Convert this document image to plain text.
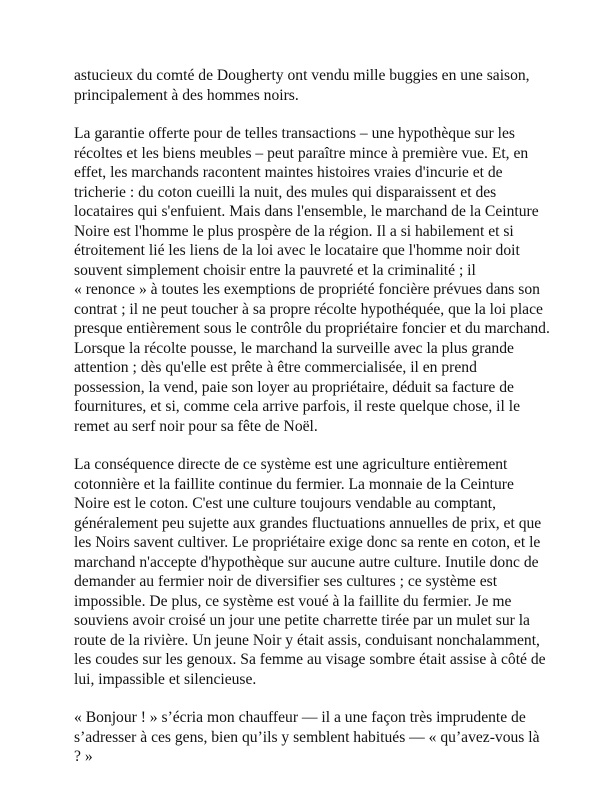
astucieux du comté de Dougherty ont vendu mille buggies en une saison,
principalement à des hommes noirs.

La garantie offerte pour de telles transactions – une hypothèque sur les
récoltes et les biens meubles – peut paraître mince à première vue. Et, en
effet, les marchands racontent maintes histoires vraies d'incurie et de
tricherie : du coton cueilli la nuit, des mules qui disparaissent et des
locataires qui s'enfuient. Mais dans l'ensemble, le marchand de la Ceinture
Noire est l'homme le plus prospère de la région. Il a si habilement et si
étroitement lié les liens de la loi avec le locataire que l'homme noir doit
souvent simplement choisir entre la pauvreté et la criminalité ; il
« renonce » à toutes les exemptions de propriété foncière prévues dans son
contrat ; il ne peut toucher à sa propre récolte hypothéquée, que la loi place
presque entièrement sous le contrôle du propriétaire foncier et du marchand.
Lorsque la récolte pousse, le marchand la surveille avec la plus grande
attention ; dès qu'elle est prête à être commercialisée, il en prend
possession, la vend, paie son loyer au propriétaire, déduit sa facture de
fournitures, et si, comme cela arrive parfois, il reste quelque chose, il le
remet au serf noir pour sa fête de Noël.

La conséquence directe de ce système est une agriculture entièrement
cotonnière et la faillite continue du fermier. La monnaie de la Ceinture
Noire est le coton. C'est une culture toujours vendable au comptant,
généralement peu sujette aux grandes fluctuations annuelles de prix, et que
les Noirs savent cultiver. Le propriétaire exige donc sa rente en coton, et le
marchand n'accepte d'hypothèque sur aucune autre culture. Inutile donc de
demander au fermier noir de diversifier ses cultures ; ce système est
impossible. De plus, ce système est voué à la faillite du fermier. Je me
souviens avoir croisé un jour une petite charrette tirée par un mulet sur la
route de la rivière. Un jeune Noir y était assis, conduisant nonchalamment,
les coudes sur les genoux. Sa femme au visage sombre était assise à côté de
lui, impassible et silencieuse.

« Bonjour ! » s’écria mon chauffeur — il a une façon très imprudente de
s’adresser à ces gens, bien qu’ils y semblent habitués — « qu’avez-vous là
? »
